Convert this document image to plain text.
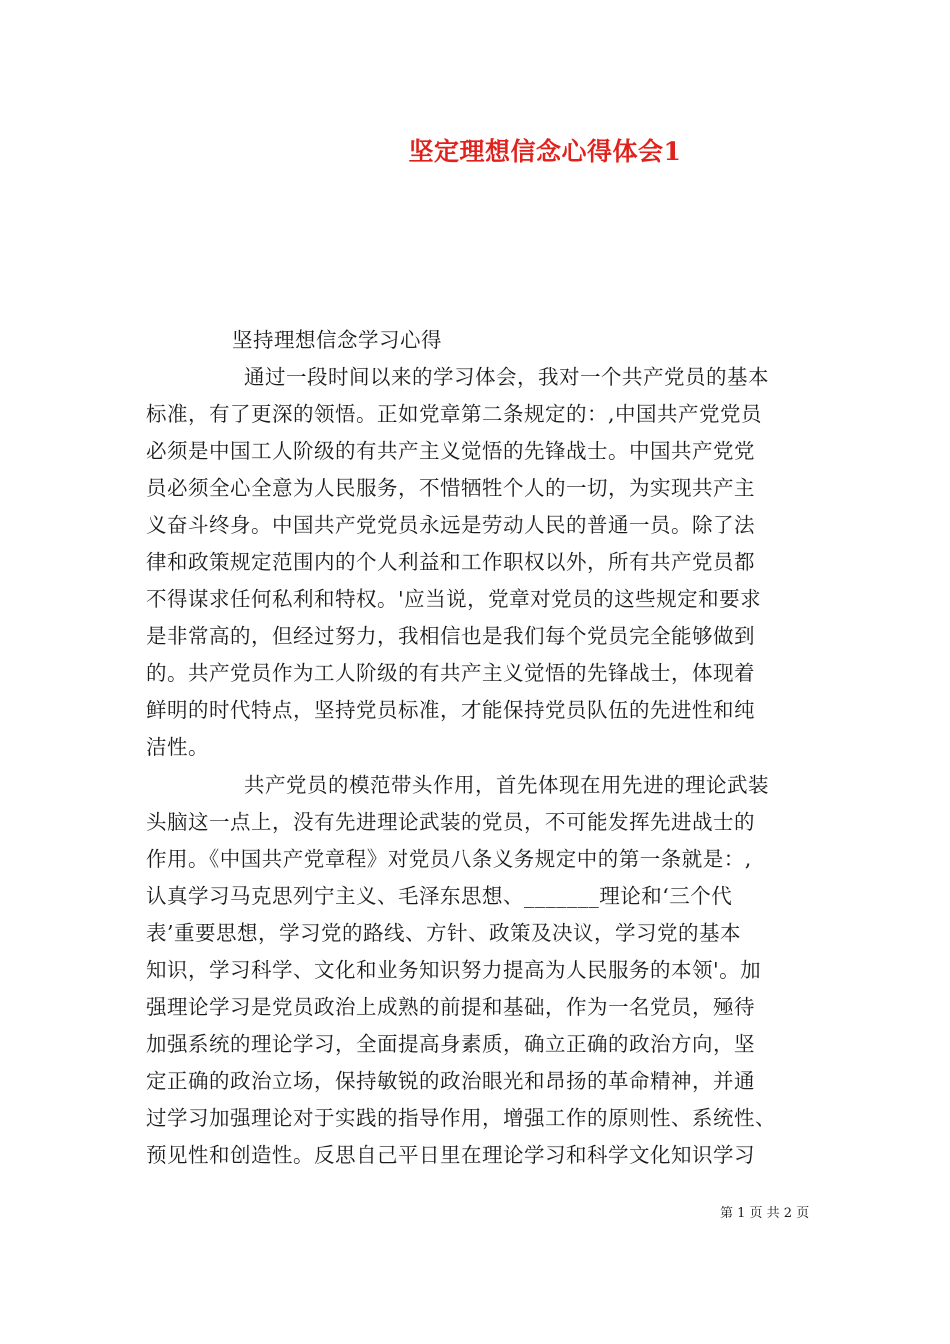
坚定理想信念心得体会1
坚持理想信念学习心得
通过一段时间以来的学习体会，我对一个共产党员的基本
标准，有了更深的领悟。正如党章第二条规定的：,中国共产党党员
必须是中国工人阶级的有共产主义觉悟的先锋战士。中国共产党党
员必须全心全意为人民服务，不惜牺牲个人的一切，为实现共产主
义奋斗终身。中国共产党党员永远是劳动人民的普通一员。除了法
律和政策规定范围内的个人利益和工作职权以外，所有共产党员都
不得谋求任何私利和特权。'应当说，党章对党员的这些规定和要求
是非常高的，但经过努力，我相信也是我们每个党员完全能够做到
的。共产党员作为工人阶级的有共产主义觉悟的先锋战士，体现着
鲜明的时代特点，坚持党员标准，才能保持党员队伍的先进性和纯
洁性。
共产党员的模范带头作用，首先体现在用先进的理论武装
头脑这一点上，没有先进理论武装的党员，不可能发挥先进战士的
作用。《中国共产党章程》对党员八条义务规定中的第一条就是：,
认真学习马克思列宁主义、毛泽东思想、_______理论和‘三个代
表’重要思想，学习党的路线、方针、政策及决议，学习党的基本
知识，学习科学、文化和业务知识努力提高为人民服务的本领'。加
强理论学习是党员政治上成熟的前提和基础，作为一名党员，殛待
加强系统的理论学习，全面提高身素质，确立正确的政治方向，坚
定正确的政治立场，保持敏锐的政治眼光和昂扬的革命精神，并通
过学习加强理论对于实践的指导作用，增强工作的原则性、系统性、
预见性和创造性。反思自己平日里在理论学习和科学文化知识学习
第 1 页 共 2 页
